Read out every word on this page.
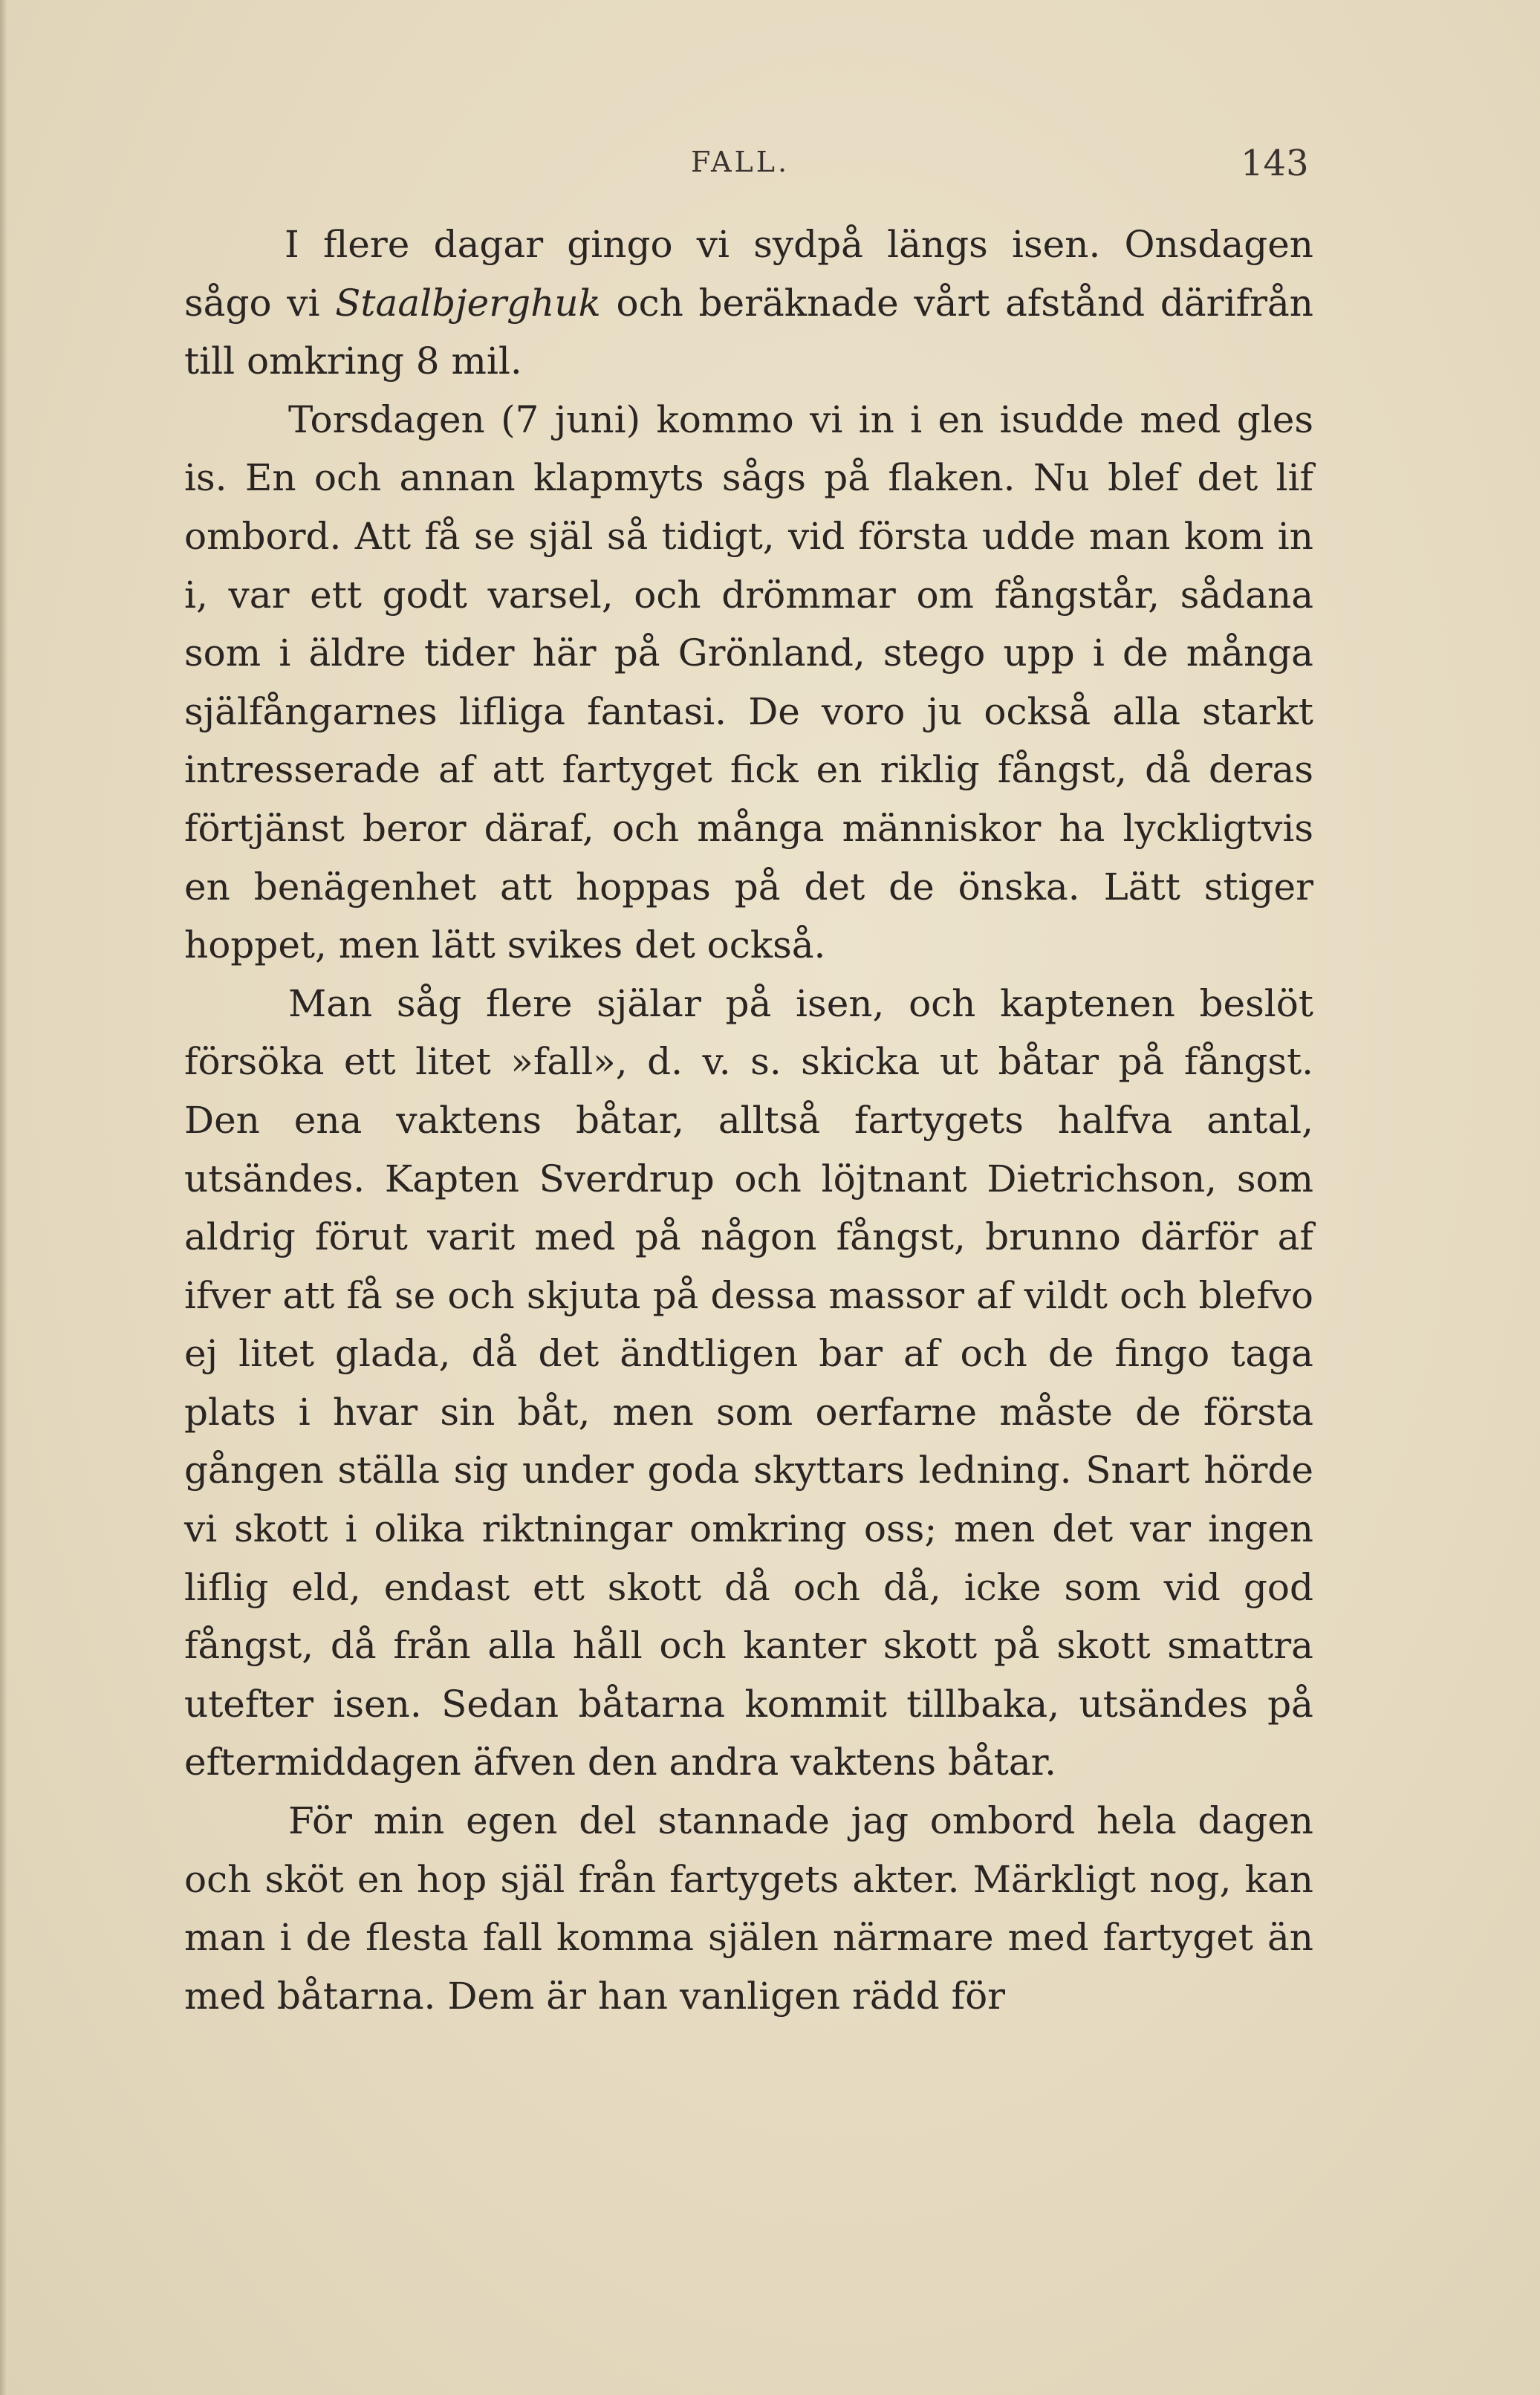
FALL.	143

I flere dagar gingo vi sydpå längs isen. Onsdagen sågo vi Staalbjerghuk och beräknade vårt afstånd därifrån till omkring 8 mil.

Torsdagen (7 juni) kommo vi in i en isudde med gles is. En och annan klapmyts sågs på flaken. Nu blef det lif ombord. Att få se själ så tidigt, vid första udde man kom in i, var ett godt varsel, och drömmar om fångstår, sådana som i äldre tider här på Grönland, stego upp i de många själfångarnes lifliga fantasi. De voro ju också alla starkt intresserade af att fartyget fick en riklig fångst, då deras förtjänst beror däraf, och många människor ha lyckligtvis en benägenhet att hoppas på det de önska. Lätt stiger hoppet, men lätt svikes det också.

Man såg flere själar på isen, och kaptenen beslöt försöka ett litet »fall», d. v. s. skicka ut båtar på fångst. Den ena vaktens båtar, alltså fartygets halfva antal, utsändes. Kapten Sverdrup och löjtnant Dietrichson, som aldrig förut varit med på någon fångst, brunno därför af ifver att få se och skjuta på dessa massor af vildt och blefvo ej litet glada, då det ändtligen bar af och de fingo taga plats i hvar sin båt, men som oerfarne måste de första gången ställa sig under goda skyttars ledning. Snart hörde vi skott i olika riktningar omkring oss; men det var ingen liflig eld, endast ett skott då och då, icke som vid god fångst, då från alla håll och kanter skott på skott smattra utefter isen. Sedan båtarna kommit tillbaka, utsändes på eftermiddagen äfven den andra vaktens båtar.

För min egen del stannade jag ombord hela dagen och sköt en hop själ från fartygets akter. Märkligt nog, kan man i de flesta fall komma själen närmare med fartyget än med båtarna. Dem är han vanligen rädd för
